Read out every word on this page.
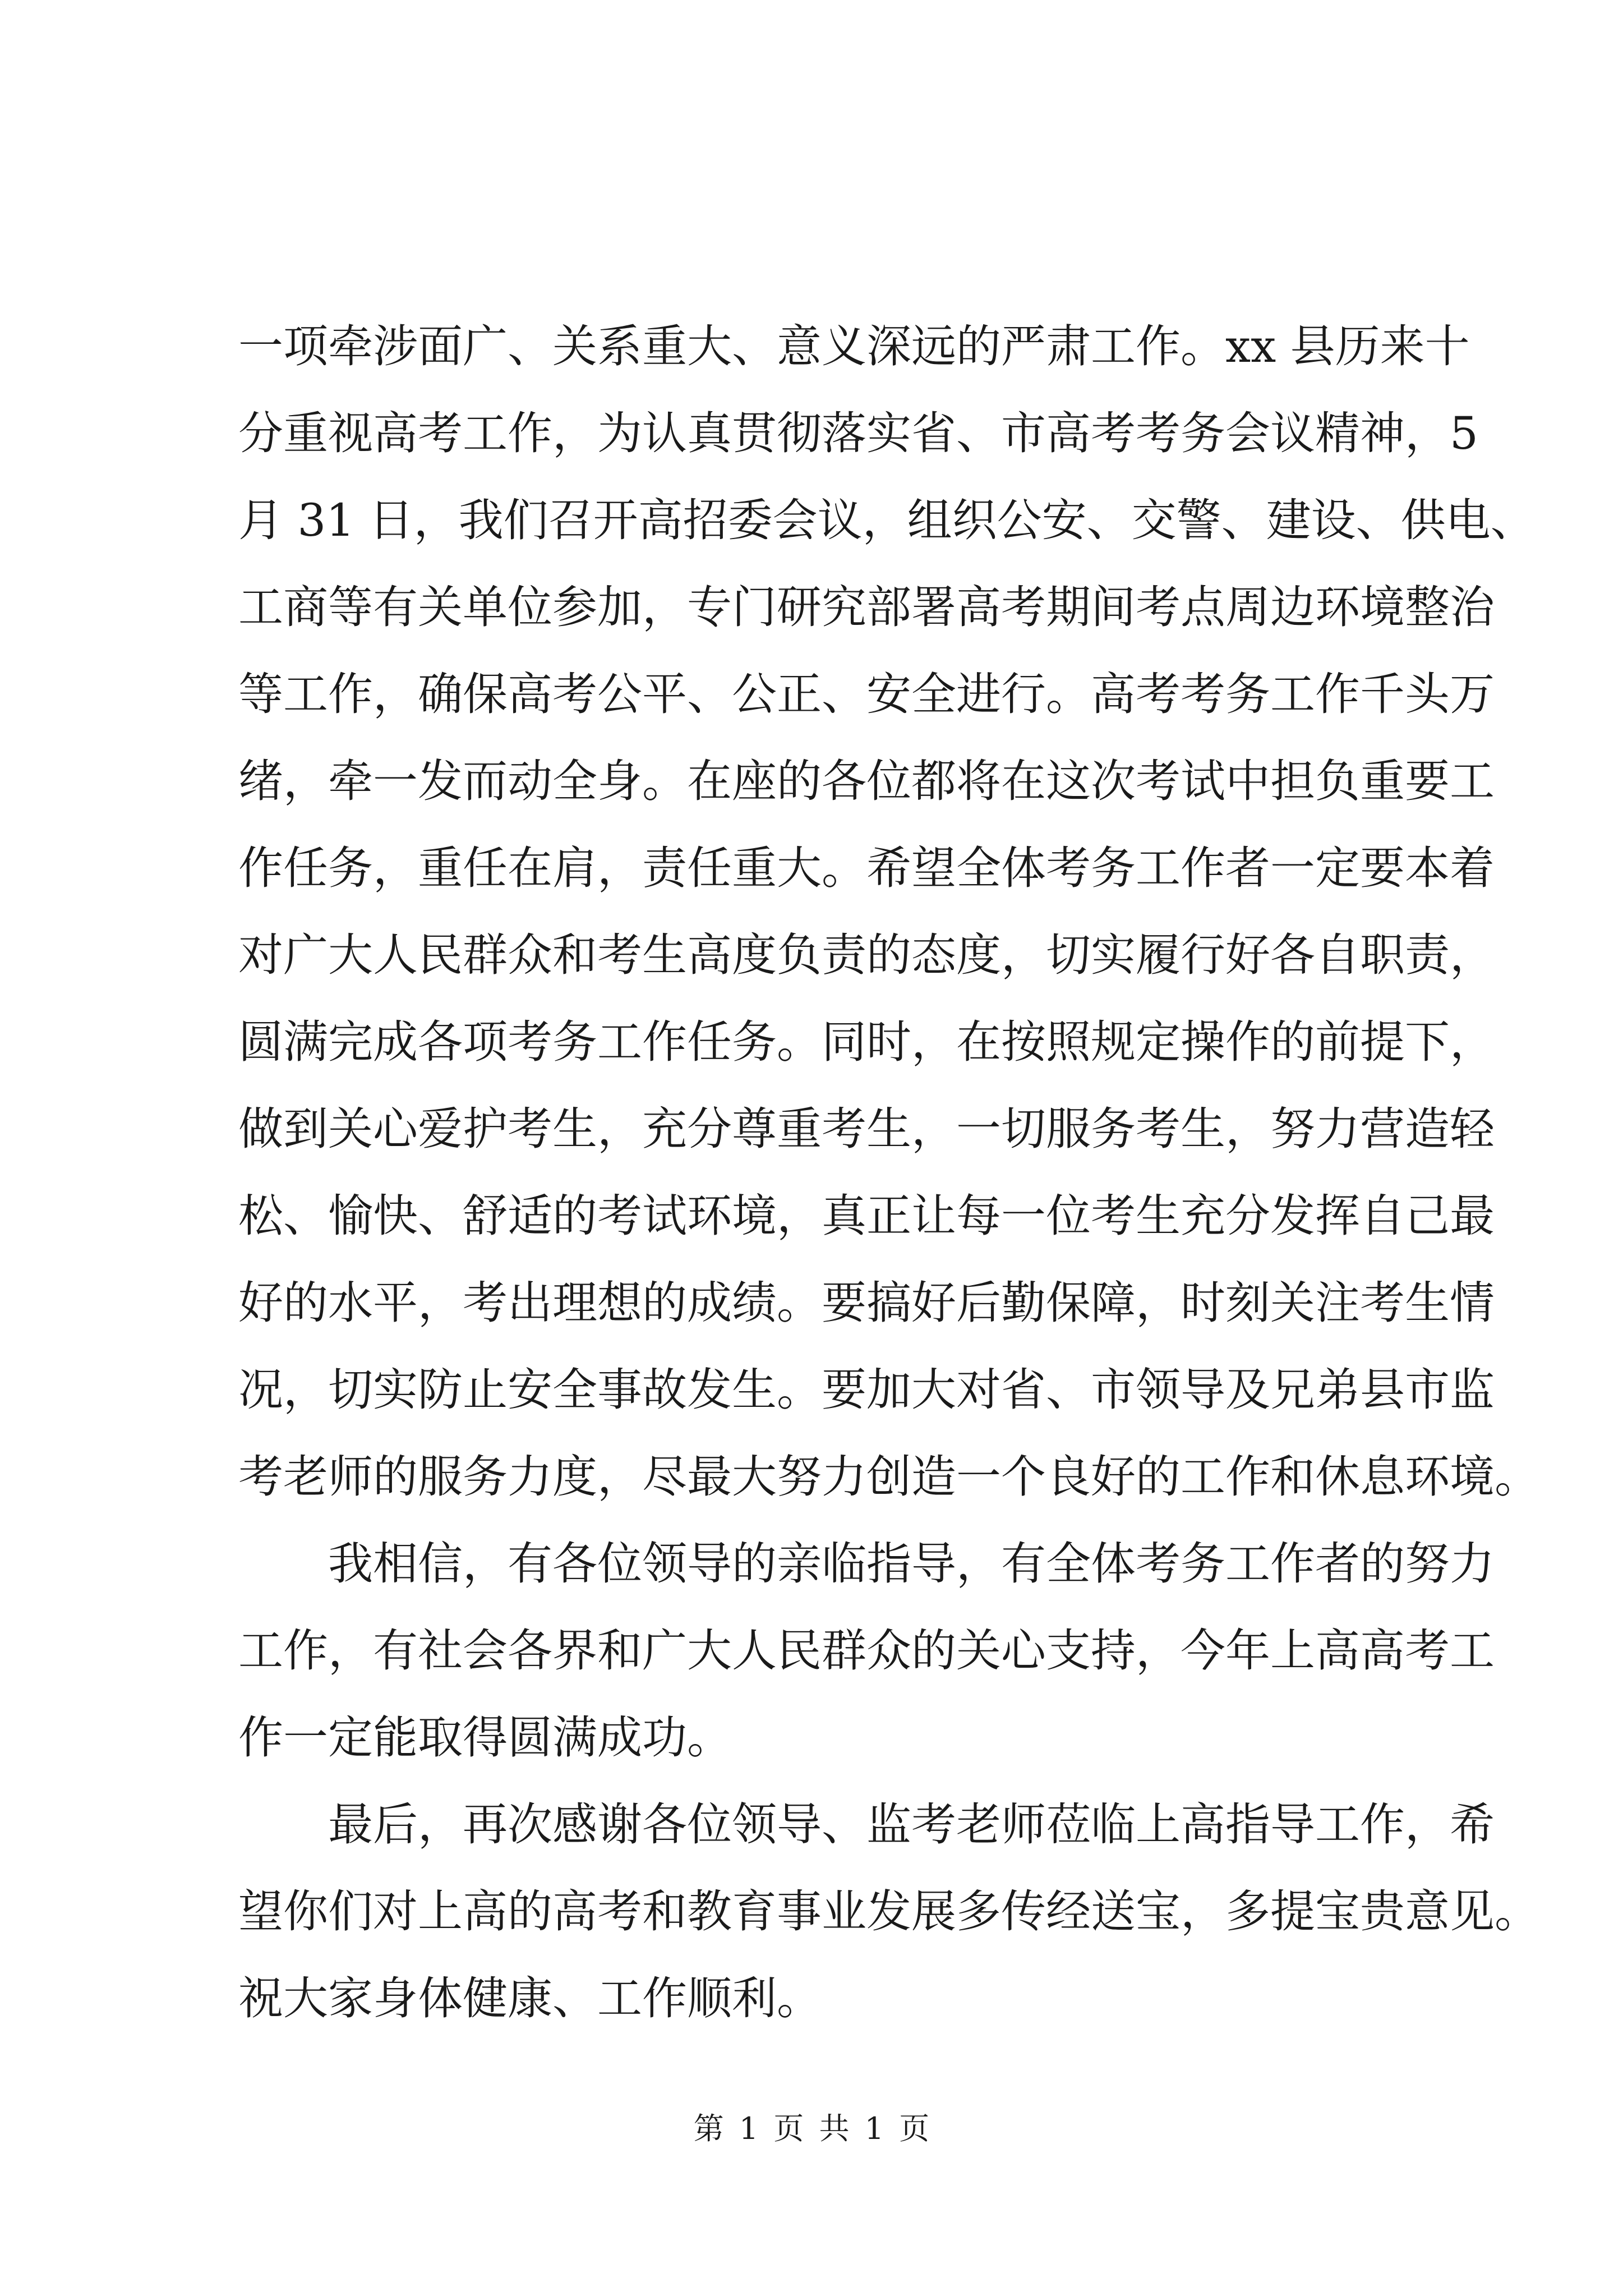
一项牵涉面广、关系重大、意义深远的严肃工作。xx 县历来十
分重视高考工作，为认真贯彻落实省、市高考考务会议精神，5
月 31 日，我们召开高招委会议，组织公安、交警、建设、供电、
工商等有关单位参加，专门研究部署高考期间考点周边环境整治
等工作，确保高考公平、公正、安全进行。高考考务工作千头万
绪，牵一发而动全身。在座的各位都将在这次考试中担负重要工
作任务，重任在肩，责任重大。希望全体考务工作者一定要本着
对广大人民群众和考生高度负责的态度，切实履行好各自职责，
圆满完成各项考务工作任务。同时，在按照规定操作的前提下，
做到关心爱护考生，充分尊重考生，一切服务考生，努力营造轻
松、愉快、舒适的考试环境，真正让每一位考生充分发挥自己最
好的水平，考出理想的成绩。要搞好后勤保障，时刻关注考生情
况，切实防止安全事故发生。要加大对省、市领导及兄弟县市监
考老师的服务力度，尽最大努力创造一个良好的工作和休息环境。
我相信，有各位领导的亲临指导，有全体考务工作者的努力
工作，有社会各界和广大人民群众的关心支持，今年上高高考工
作一定能取得圆满成功。
最后，再次感谢各位领导、监考老师莅临上高指导工作，希
望你们对上高的高考和教育事业发展多传经送宝，多提宝贵意见。
祝大家身体健康、工作顺利。
第 1 页 共 1 页
